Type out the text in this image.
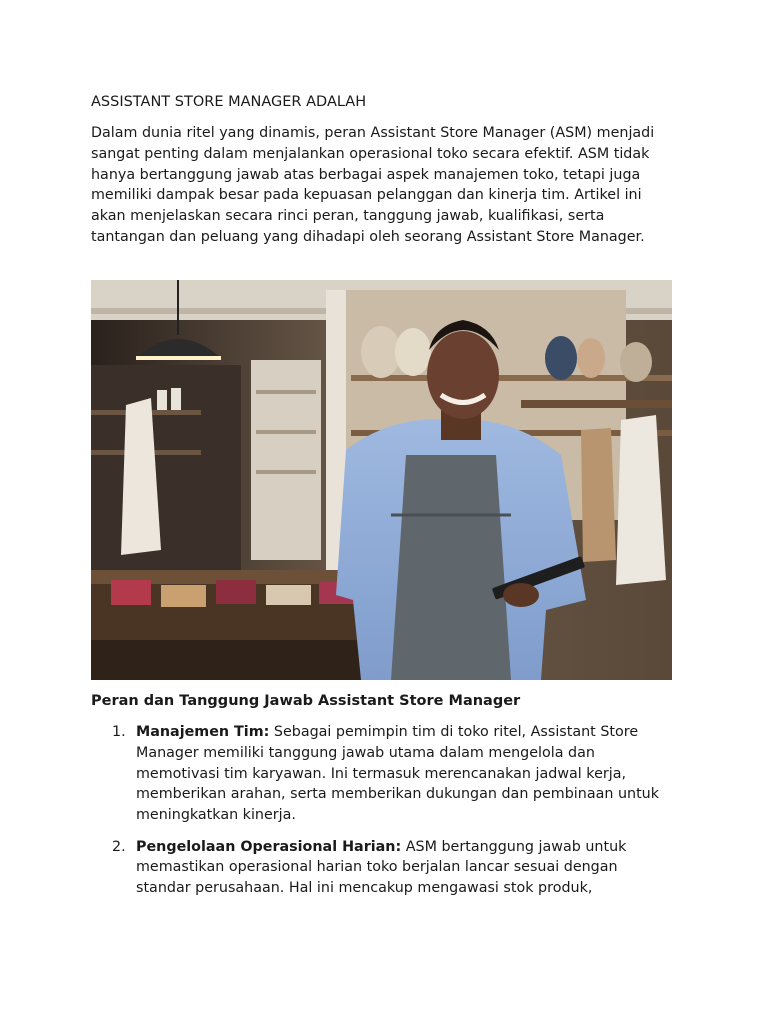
ASSISTANT STORE MANAGER ADALAH

Dalam dunia ritel yang dinamis, peran Assistant Store Manager (ASM) menjadi sangat penting dalam menjalankan operasional toko secara efektif. ASM tidak hanya bertanggung jawab atas berbagai aspek manajemen toko, tetapi juga memiliki dampak besar pada kepuasan pelanggan dan kinerja tim. Artikel ini akan menjelaskan secara rinci peran, tanggung jawab, kualifikasi, serta tantangan dan peluang yang dihadapi oleh seorang Assistant Store Manager.

Peran dan Tanggung Jawab Assistant Store Manager
1. Manajemen Tim: Sebagai pemimpin tim di toko ritel, Assistant Store Manager memiliki tanggung jawab utama dalam mengelola dan memotivasi tim karyawan. Ini termasuk merencanakan jadwal kerja, memberikan arahan, serta memberikan dukungan dan pembinaan untuk meningkatkan kinerja.
2. Pengelolaan Operasional Harian: ASM bertanggung jawab untuk memastikan operasional harian toko berjalan lancar sesuai dengan standar perusahaan. Hal ini mencakup mengawasi stok produk,
